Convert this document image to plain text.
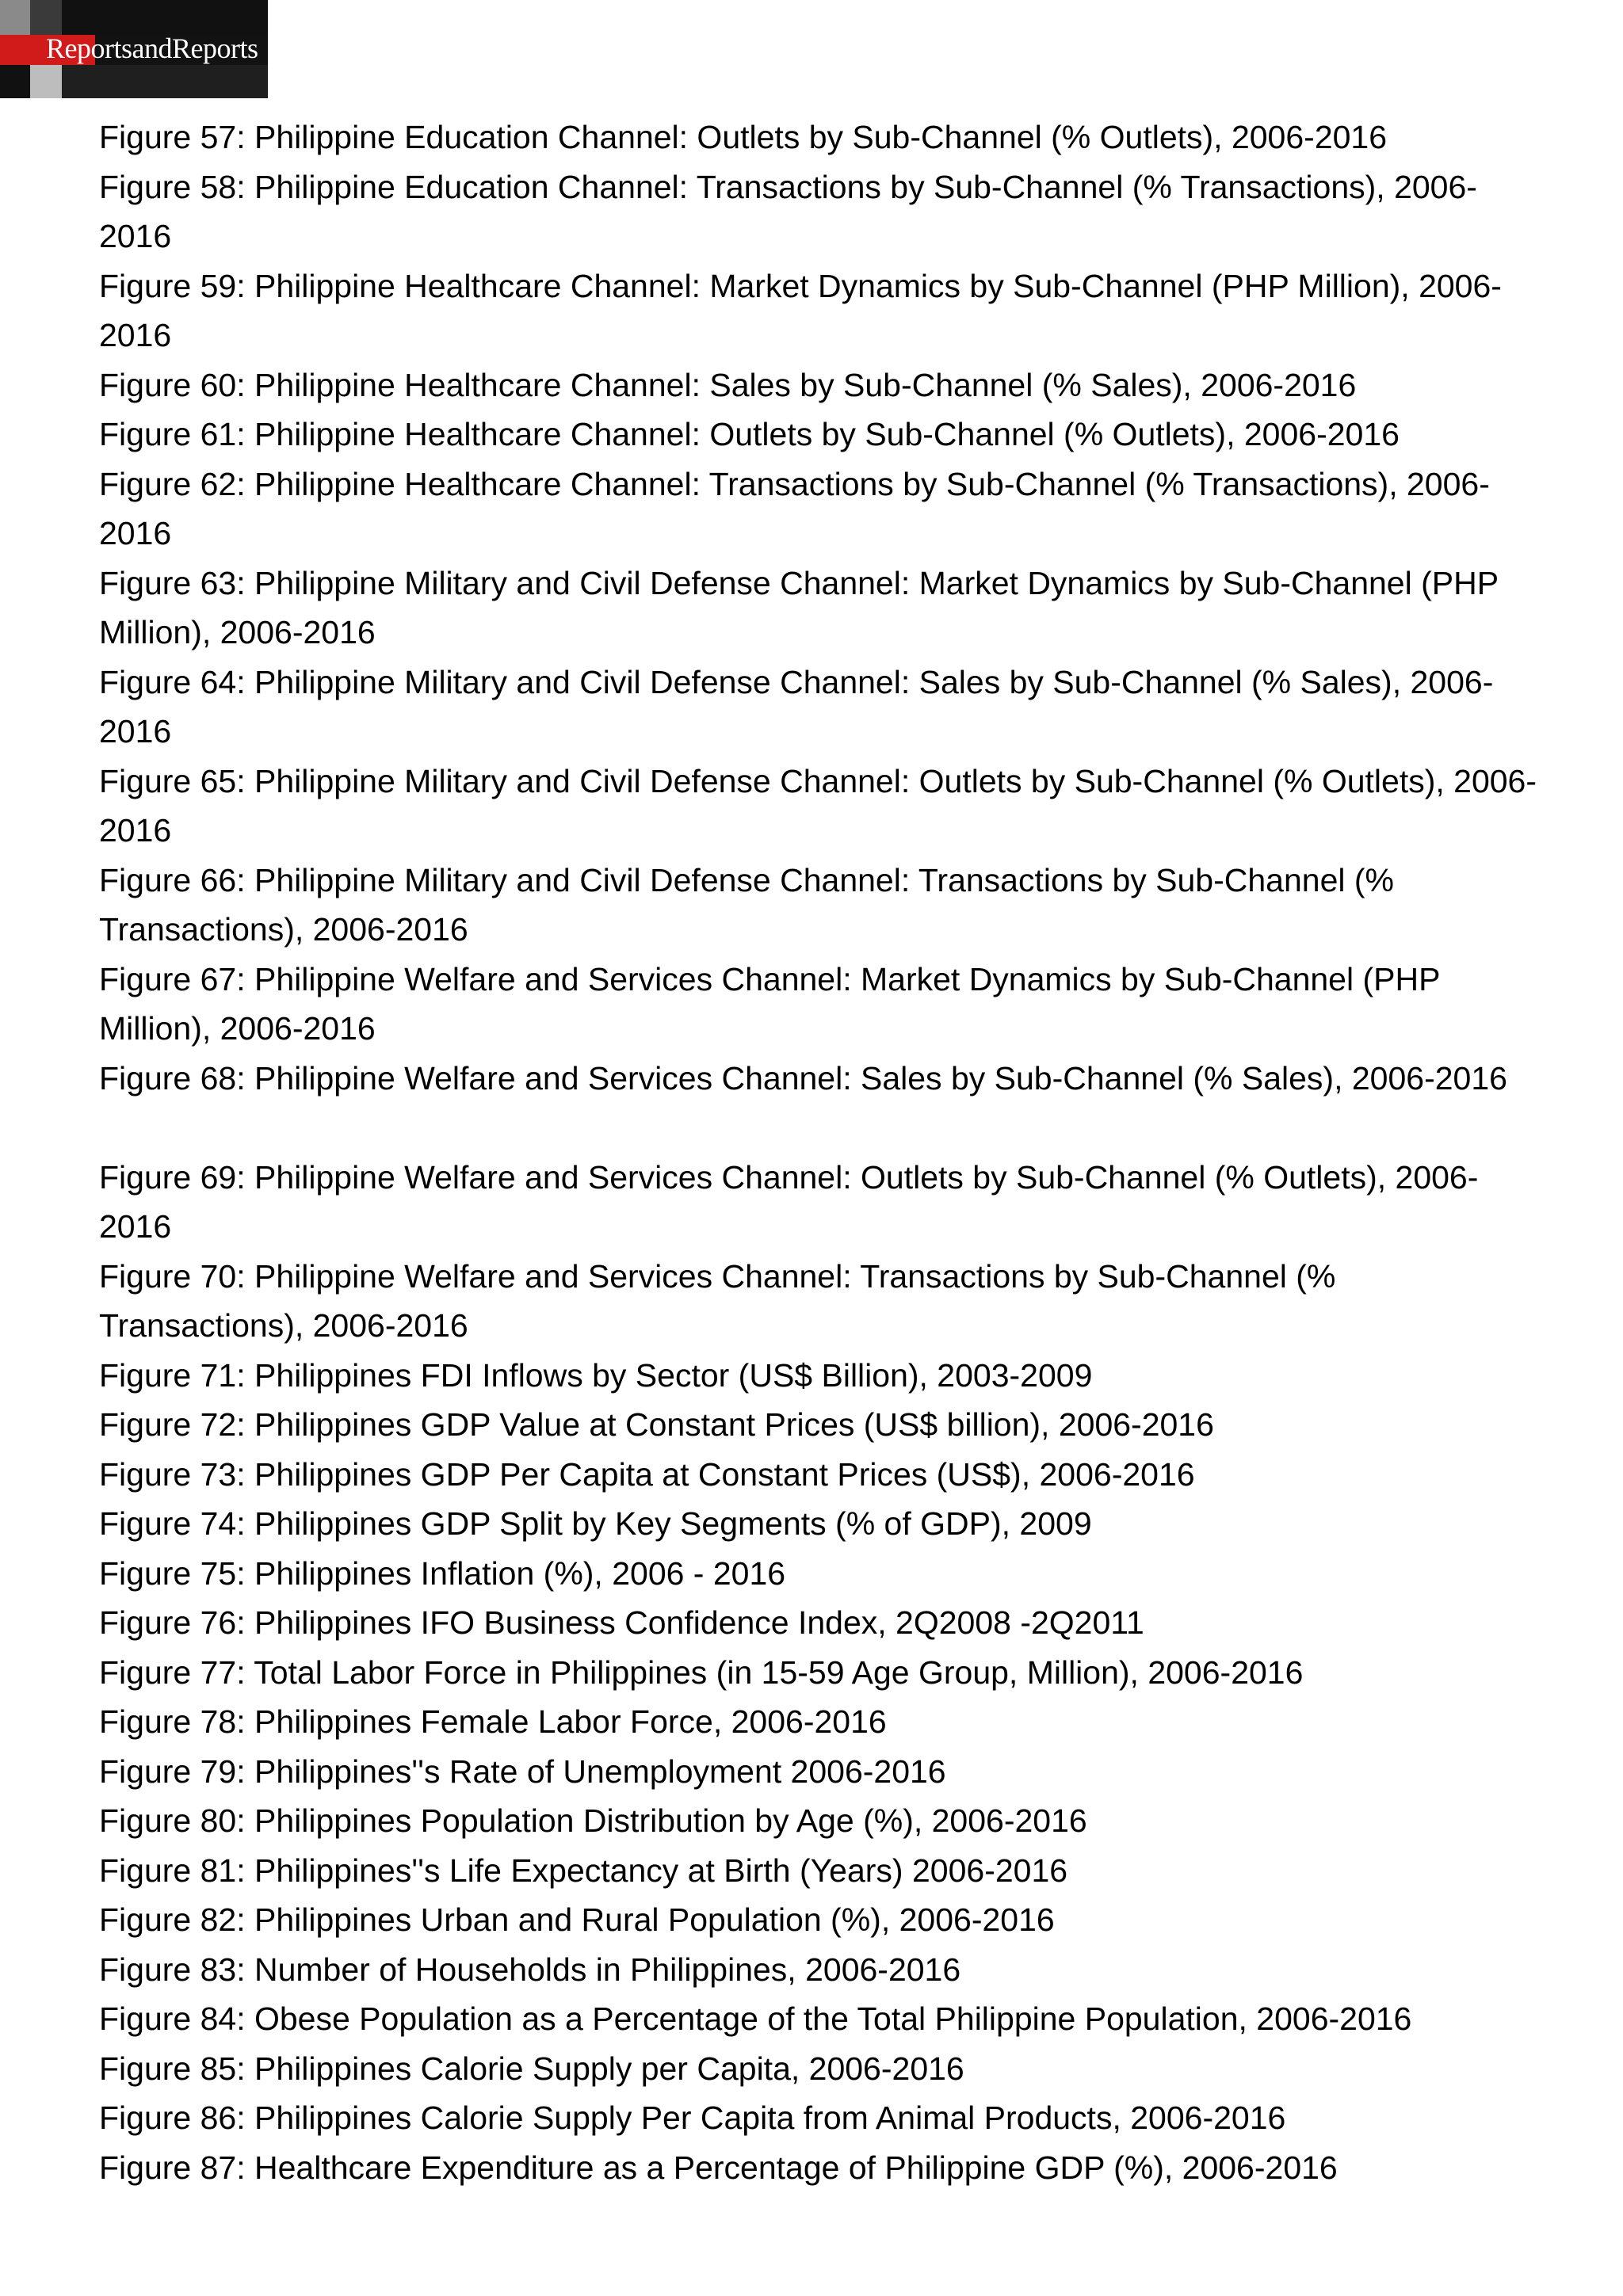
ReportsandReports
Figure 57: Philippine Education Channel: Outlets by Sub-Channel (% Outlets), 2006-2016
Figure 58: Philippine Education Channel: Transactions by Sub-Channel (% Transactions), 2006-2016
Figure 59: Philippine Healthcare Channel: Market Dynamics by Sub-Channel (PHP Million), 2006-2016
Figure 60: Philippine Healthcare Channel: Sales by Sub-Channel (% Sales), 2006-2016
Figure 61: Philippine Healthcare Channel: Outlets by Sub-Channel (% Outlets), 2006-2016
Figure 62: Philippine Healthcare Channel: Transactions by Sub-Channel (% Transactions), 2006-2016
Figure 63: Philippine Military and Civil Defense Channel: Market Dynamics by Sub-Channel (PHP Million), 2006-2016
Figure 64: Philippine Military and Civil Defense Channel: Sales by Sub-Channel (% Sales), 2006-2016
Figure 65: Philippine Military and Civil Defense Channel: Outlets by Sub-Channel (% Outlets), 2006-2016
Figure 66: Philippine Military and Civil Defense Channel: Transactions by Sub-Channel (% Transactions), 2006-2016
Figure 67: Philippine Welfare and Services Channel: Market Dynamics by Sub-Channel (PHP Million), 2006-2016
Figure 68: Philippine Welfare and Services Channel: Sales by Sub-Channel (% Sales), 2006-2016
Figure 69: Philippine Welfare and Services Channel: Outlets by Sub-Channel (% Outlets), 2006-2016
Figure 70: Philippine Welfare and Services Channel: Transactions by Sub-Channel (% Transactions), 2006-2016
Figure 71: Philippines FDI Inflows by Sector (US$ Billion), 2003-2009
Figure 72: Philippines GDP Value at Constant Prices (US$ billion), 2006-2016
Figure 73: Philippines GDP Per Capita at Constant Prices (US$), 2006-2016
Figure 74: Philippines GDP Split by Key Segments (% of GDP), 2009
Figure 75: Philippines Inflation (%), 2006 - 2016
Figure 76: Philippines IFO Business Confidence Index, 2Q2008 -2Q2011
Figure 77: Total Labor Force in Philippines (in 15-59 Age Group, Million), 2006-2016
Figure 78: Philippines Female Labor Force, 2006-2016
Figure 79: Philippines''s Rate of Unemployment 2006-2016
Figure 80: Philippines Population Distribution by Age (%), 2006-2016
Figure 81: Philippines''s Life Expectancy at Birth (Years) 2006-2016
Figure 82: Philippines Urban and Rural Population (%), 2006-2016
Figure 83: Number of Households in Philippines, 2006-2016
Figure 84: Obese Population as a Percentage of the Total Philippine Population, 2006-2016
Figure 85: Philippines Calorie Supply per Capita, 2006-2016
Figure 86: Philippines Calorie Supply Per Capita from Animal Products, 2006-2016
Figure 87: Healthcare Expenditure as a Percentage of Philippine GDP (%), 2006-2016
